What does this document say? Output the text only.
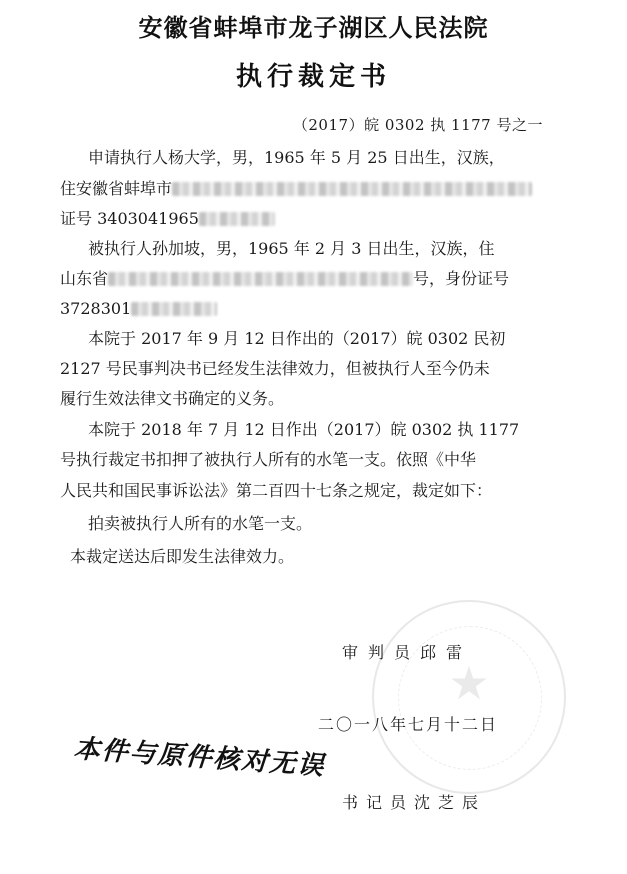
安徽省蚌埠市龙子湖区人民法院
执行裁定书
（2017）皖 0302 执 1177 号之一
申请执行人杨大学，男，1965 年 5 月 25 日出生，汉族，
住安徽省蚌埠市
证号 3403041965
被执行人孙加坡，男，1965 年 2 月 3 日出生，汉族，住
山东省	号，身份证号
3728301
本院于 2017 年 9 月 12 日作出的（2017）皖 0302 民初
2127 号民事判决书已经发生法律效力，但被执行人至今仍未
履行生效法律文书确定的义务。
本院于 2018 年 7 月 12 日作出（2017）皖 0302 执 1177
号执行裁定书扣押了被执行人所有的水笔一支。依照《中华
人民共和国民事诉讼法》第二百四十七条之规定，裁定如下：
拍卖被执行人所有的水笔一支。
本裁定送达后即发生法律效力。
★
审判员邱雷
二〇一八年七月十二日
书记员沈芝辰
本件与原件核对无误
